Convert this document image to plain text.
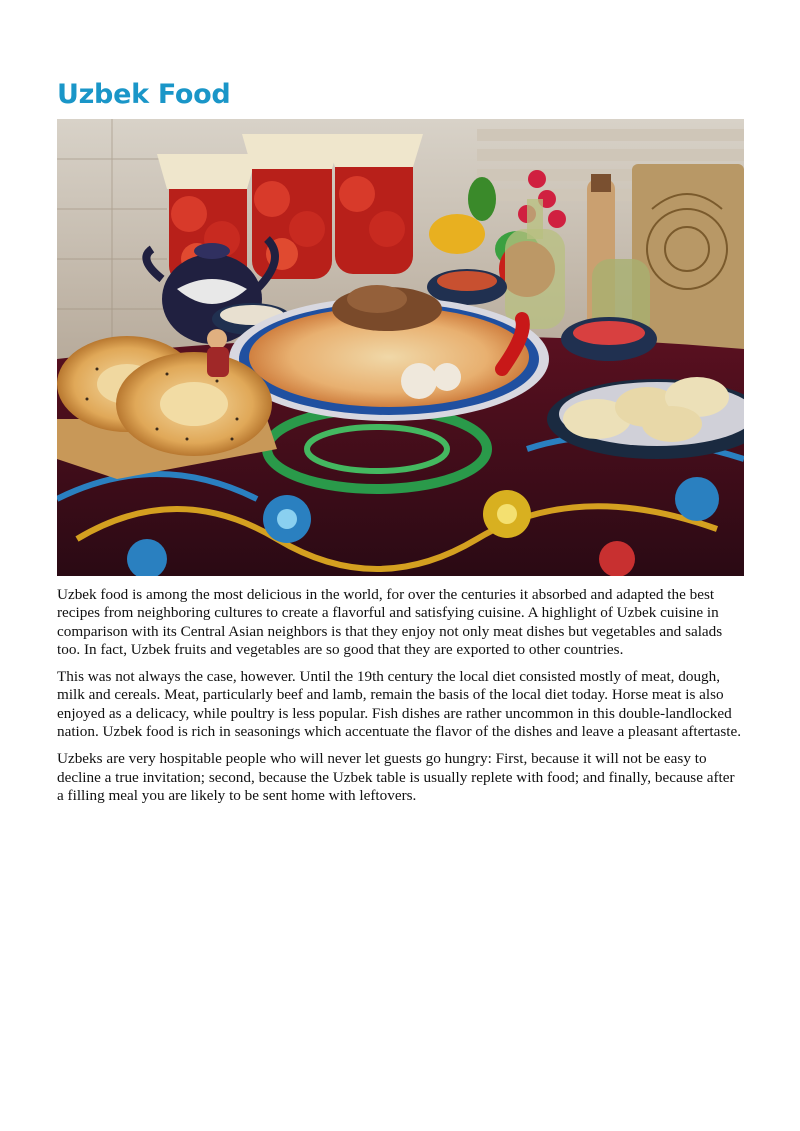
Uzbek Food

Uzbek food is among the most delicious in the world, for over the centuries it absorbed and adapted the best recipes from neighboring cultures to create a flavorful and satisfying cuisine. A highlight of Uzbek cuisine in comparison with its Central Asian neighbors is that they enjoy not only meat dishes but vegetables and salads too. In fact, Uzbek fruits and vegetables are so good that they are exported to other countries.

This was not always the case, however. Until the 19th century the local diet consisted mostly of meat, dough, milk and cereals. Meat, particularly beef and lamb, remain the basis of the local diet today. Horse meat is also enjoyed as a delicacy, while poultry is less popular. Fish dishes are rather uncommon in this double-landlocked nation. Uzbek food is rich in seasonings which accentuate the flavor of the dishes and leave a pleasant aftertaste.

Uzbeks are very hospitable people who will never let guests go hungry: First, because it will not be easy to decline a true invitation; second, because the Uzbek table is usually replete with food; and finally, because after a filling meal you are likely to be sent home with leftovers.
